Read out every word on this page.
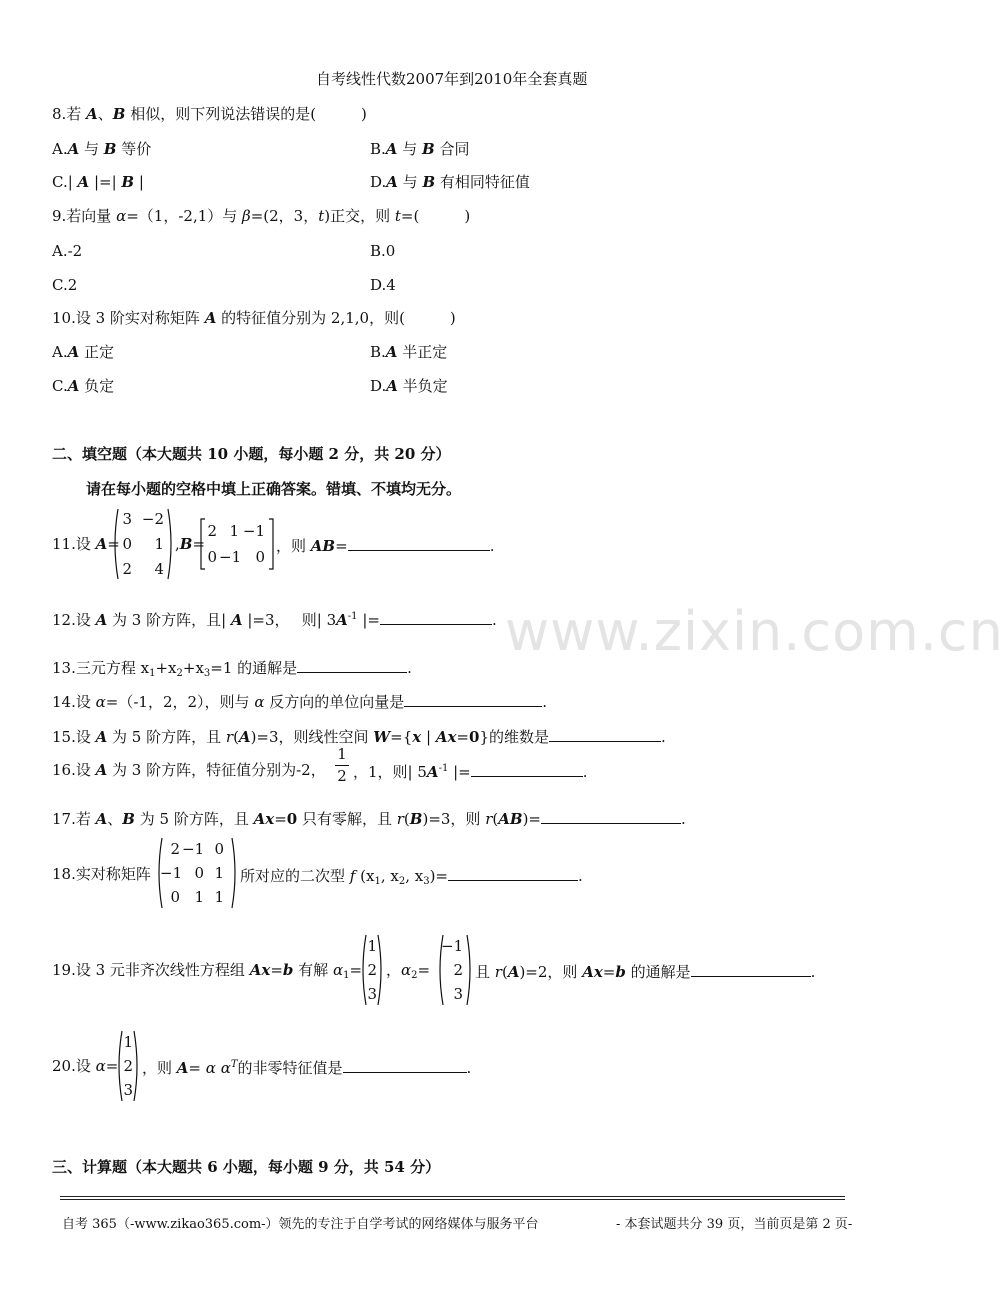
www.zixin.com.cn
自考线性代数2007年到2010年全套真题
8.若 A、B 相似，则下列说法错误的是(　　　)
A.A 与 B 等价	B.A 与 B 合同
C.| A |=| B |	D.A 与 B 有相同特征值
9.若向量 α=（1，-2,1）与 β=(2，3，t)正交，则 t=(　　　)
A.-2	B.0
C.2	D.4
10.设 3 阶实对称矩阵 A 的特征值分别为 2,1,0，则(　　　)
A.A 正定	B.A 半正定
C.A 负定	D.A 半负定
二、填空题（本大题共 10 小题，每小题 2 分，共 20 分）
请在每小题的空格中填上正确答案。错填、不填均无分。
11.设 A=
3 −2
0	1
2	4
,B=
2 1 −1
0 −1 0
，则 AB=	.
12.设 A 为 3 阶方阵，且| A |=3，　 则| $3A^{-1}$ |=	.
13.三元方程 $x_1+x_2+x_3=1$ 的通解是	.
14.设 α=（-1，2，2），则与 α 反方向的单位向量是	.
15.设 A 为 5 阶方阵，且 r(A)=3，则线性空间 W={x | Ax=0}的维数是	.
16.设 A 为 3 阶方阵，特征值分别为-2，
1
2 ，1，则| $5A^{-1}$ |=	.
17.若 A、B 为 5 阶方阵，且 Ax=0 只有零解，且 r(B)=3，则 r(AB)=	.
18.实对称矩阵
2 −1 0
−1 0 1
0 1 1
所对应的二次型 f ($x_1$, $x_2$, $x_3)=$	.
19.设 3 元非齐次线性方程组 Ax=b 有解 $\alpha_1=$
1
2
3
，$\alpha_2=$
−1
2
3
且 r(A)=2，则 Ax=b 的通解是	.
20.设 α=
1
2
3
，则 A= α $\alpha^T$的非零特征值是	.
三、计算题（本大题共 6 小题，每小题 9 分，共 54 分）
自考 365（-www.zikao365.com-）领先的专注于自学考试的网络媒体与服务平台	- 本套试题共分 39 页，当前页是第 2 页-
